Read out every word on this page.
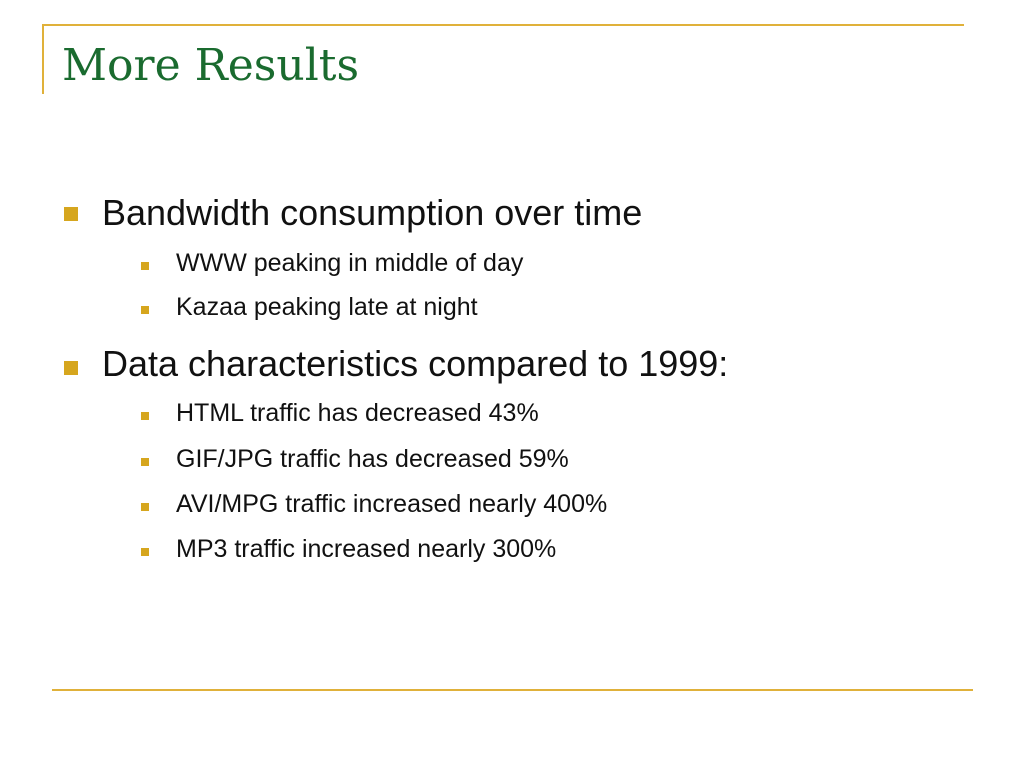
More Results
Bandwidth consumption over time
WWW peaking in middle of day
Kazaa peaking late at night
Data characteristics compared to 1999:
HTML traffic has decreased 43%
GIF/JPG traffic has decreased 59%
AVI/MPG traffic increased nearly 400%
MP3 traffic increased nearly 300%
